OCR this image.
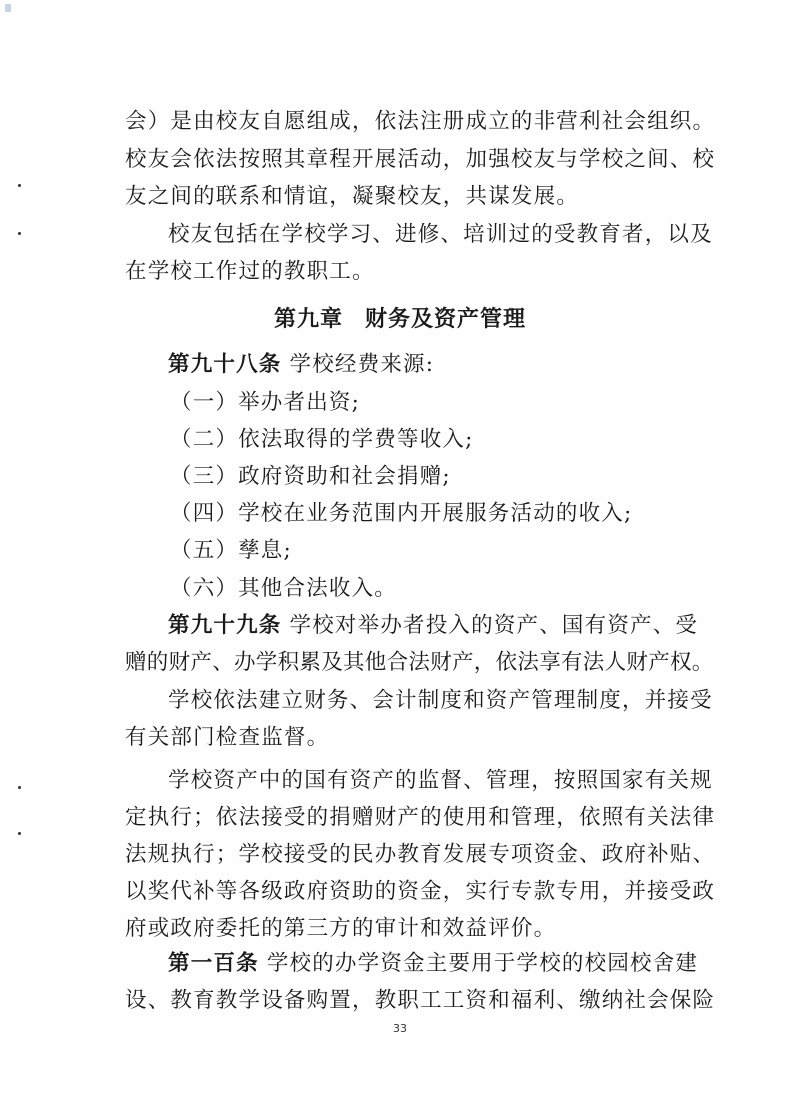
会）是由校友自愿组成，依法注册成立的非营利社会组织。
校友会依法按照其章程开展活动，加强校友与学校之间、校
友之间的联系和情谊，凝聚校友，共谋发展。
校友包括在学校学习、进修、培训过的受教育者，以及
在学校工作过的教职工。
第九章 财务及资产管理
第九十八条 学校经费来源:
（一）举办者出资;
（二）依法取得的学费等收入;
（三）政府资助和社会捐赠;
（四）学校在业务范围内开展服务活动的收入;
（五）孳息;
（六）其他合法收入。
第九十九条 学校对举办者投入的资产、国有资产、受
赠的财产、办学积累及其他合法财产，依法享有法人财产权。
学校依法建立财务、会计制度和资产管理制度，并接受
有关部门检查监督。
学校资产中的国有资产的监督、管理，按照国家有关规
定执行；依法接受的捐赠财产的使用和管理，依照有关法律
法规执行；学校接受的民办教育发展专项资金、政府补贴、
以奖代补等各级政府资助的资金，实行专款专用，并接受政
府或政府委托的第三方的审计和效益评价。
第一百条 学校的办学资金主要用于学校的校园校舍建
设、教育教学设备购置，教职工工资和福利、缴纳社会保险
33
